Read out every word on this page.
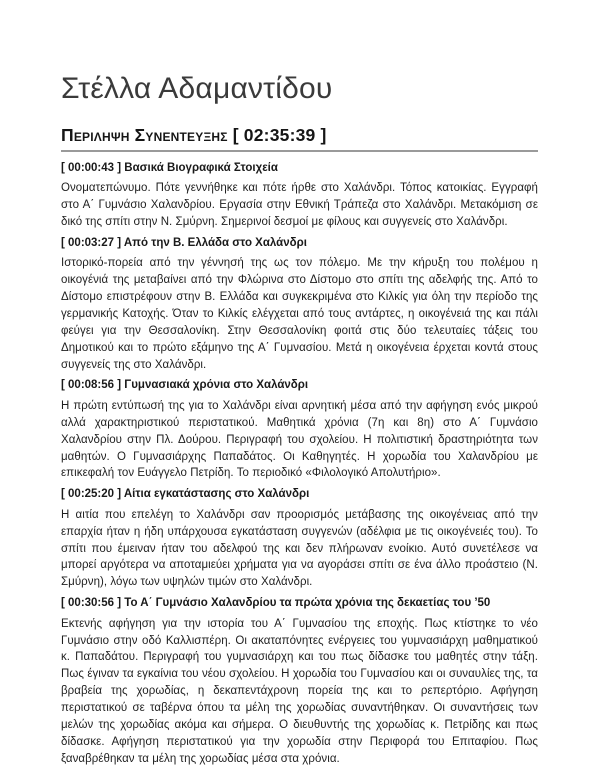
Στέλλα Αδαμαντίδου
Περιληψη Συνεντευξης [ 02:35:39 ]
[ 00:00:43 ] Βασικά Βιογραφικά Στοιχεία

Ονοματεπώνυμο. Πότε γεννήθηκε και πότε ήρθε στο Χαλάνδρι. Τόπος κατοικίας. Εγγραφή στο Α΄ Γυμνάσιο Χαλανδρίου. Εργασία στην Εθνική Τράπεζα στο Χαλάνδρι. Μετακόμιση σε δικό της σπίτι στην Ν. Σμύρνη. Σημερινοί δεσμοί με φίλους και συγγενείς στο Χαλάνδρι.

[ 00:03:27 ] Από την Β. Ελλάδα στο Χαλάνδρι

Ιστορικό-πορεία από την γέννησή της ως τον πόλεμο. Με την κήρυξη του πολέμου η οικογένιά της μεταβαίνει από την Φλώρινα στο Δίστομο στο σπίτι της αδελφής της. Από το Δίστομο επιστρέφουν στην Β. Ελλάδα και συγκεκριμένα στο Κιλκίς για όλη την περίοδο της γερμανικής Κατοχής. Όταν το Κιλκίς ελέγχεται από τους αντάρτες, η οικογένειά της και πάλι φεύγει για την Θεσσαλονίκη. Στην Θεσσαλονίκη φοιτά στις δύο τελευταίες τάξεις του Δημοτικού και το πρώτο εξάμηνο της Α΄ Γυμνασίου. Μετά η οικογένεια έρχεται κοντά στους συγγενείς της στο Χαλάνδρι.

[ 00:08:56 ] Γυμνασιακά χρόνια στο Χαλάνδρι

Η πρώτη εντύπωσή της για το Χαλάνδρι είναι αρνητική μέσα από την αφήγηση ενός μικρού αλλά χαρακτηριστικού περιστατικού. Μαθητικά χρόνια (7η και 8η) στο Α΄ Γυμνάσιο Χαλανδρίου στην Πλ. Δούρου. Περιγραφή του σχολείου. Η πολιτιστική δραστηριότητα των μαθητών. Ο Γυμνασιάρχης Παπαδάτος. Οι Καθηγητές. Η χορωδία του Χαλανδρίου με επικεφαλή τον Ευάγγελο Πετρίδη. Το περιοδικό «Φιλολογικό Απολυτήριο».

[ 00:25:20 ] Αίτια εγκατάστασης στο Χαλάνδρι

Η αιτία που επελέγη το Χαλάνδρι σαν προορισμός μετάβασης της οικογένειας από την επαρχία ήταν η ήδη υπάρχουσα εγκατάσταση συγγενών (αδέλφια με τις οικογένειές του). Το σπίτι που έμειναν ήταν του αδελφού της και δεν πλήρωναν ενοίκιο. Αυτό συνετέλεσε να μπορεί αργότερα να αποταμιεύει χρήματα για να αγοράσει σπίτι σε ένα άλλο προάστειο (Ν. Σμύρνη), λόγω των υψηλών τιμών στο Χαλάνδρι.

[ 00:30:56 ] Το Α΄ Γυμνάσιο Χαλανδρίου τα πρώτα χρόνια της δεκαετίας του ’50

Εκτενής αφήγηση για την ιστορία του Α΄ Γυμνασίου της εποχής. Πως κτίστηκε το νέο Γυμνάσιο στην οδό Καλλισπέρη. Οι ακαταπόνητες ενέργειες του γυμνασιάρχη μαθηματικού κ. Παπαδάτου. Περιγραφή του γυμνασιάρχη και του πως δίδασκε του μαθητές στην τάξη. Πως έγιναν τα εγκαίνια του νέου σχολείου. Η χορωδία του Γυμνασίου και οι συναυλίες της, τα βραβεία της χορωδίας, η δεκαπεντάχρονη πορεία της και το ρεπερτόριο. Αφήγηση περιστατικού σε ταβέρνα όπου τα μέλη της χορωδίας συναντήθηκαν. Οι συναντήσεις των μελών της χορωδίας ακόμα και σήμερα. Ο διευθυντής της χορωδίας κ. Πετρίδης και πως δίδασκε. Αφήγηση περιστατικού για την χορωδία στην Περιφορά του Επιταφίου. Πως ξαναβρέθηκαν τα μέλη της χορωδίας μέσα στα χρόνια.
